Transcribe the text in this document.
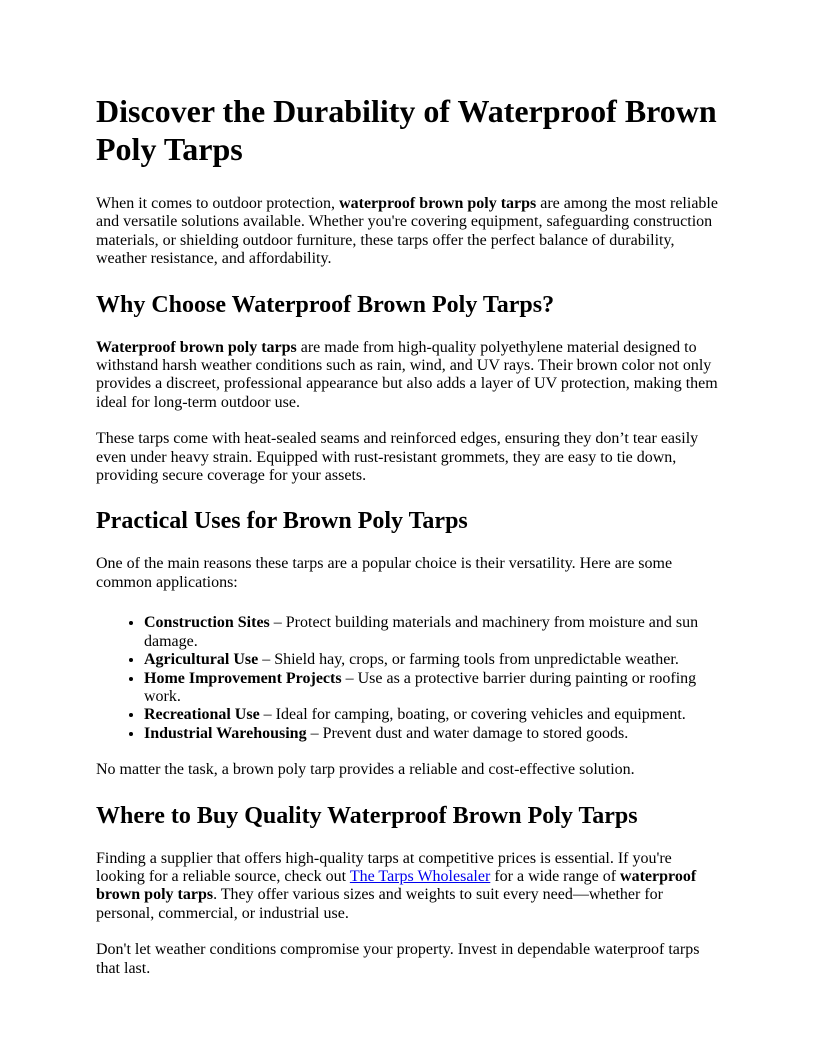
Discover the Durability of Waterproof Brown Poly Tarps

When it comes to outdoor protection, waterproof brown poly tarps are among the most reliable and versatile solutions available. Whether you're covering equipment, safeguarding construction materials, or shielding outdoor furniture, these tarps offer the perfect balance of durability, weather resistance, and affordability.

Why Choose Waterproof Brown Poly Tarps?

Waterproof brown poly tarps are made from high-quality polyethylene material designed to withstand harsh weather conditions such as rain, wind, and UV rays. Their brown color not only provides a discreet, professional appearance but also adds a layer of UV protection, making them ideal for long-term outdoor use.

These tarps come with heat-sealed seams and reinforced edges, ensuring they don’t tear easily even under heavy strain. Equipped with rust-resistant grommets, they are easy to tie down, providing secure coverage for your assets.

Practical Uses for Brown Poly Tarps

One of the main reasons these tarps are a popular choice is their versatility. Here are some common applications:

• Construction Sites – Protect building materials and machinery from moisture and sun damage.
• Agricultural Use – Shield hay, crops, or farming tools from unpredictable weather.
• Home Improvement Projects – Use as a protective barrier during painting or roofing work.
• Recreational Use – Ideal for camping, boating, or covering vehicles and equipment.
• Industrial Warehousing – Prevent dust and water damage to stored goods.

No matter the task, a brown poly tarp provides a reliable and cost-effective solution.

Where to Buy Quality Waterproof Brown Poly Tarps

Finding a supplier that offers high-quality tarps at competitive prices is essential. If you're looking for a reliable source, check out The Tarps Wholesaler for a wide range of waterproof brown poly tarps. They offer various sizes and weights to suit every need—whether for personal, commercial, or industrial use.

Don't let weather conditions compromise your property. Invest in dependable waterproof tarps that last.
